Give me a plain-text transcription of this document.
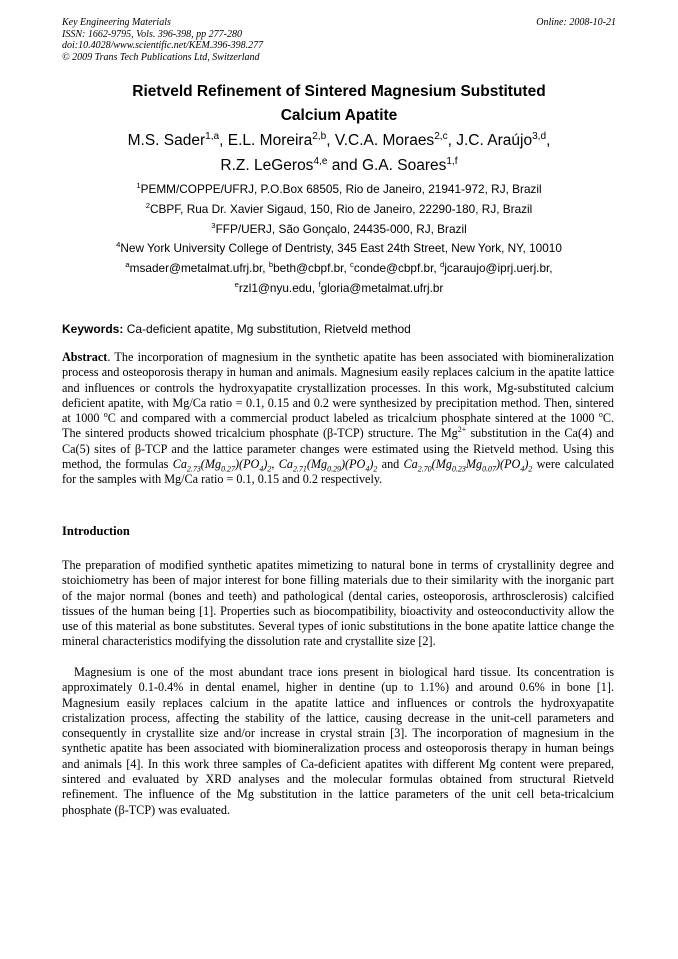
Key Engineering Materials
ISSN: 1662-9795, Vols. 396-398, pp 277-280
doi:10.4028/www.scientific.net/KEM.396-398.277
© 2009 Trans Tech Publications Ltd, Switzerland
Online: 2008-10-21
Rietveld Refinement of Sintered Magnesium Substituted
Calcium Apatite
M.S. Sader$^{1,a}$, E.L. Moreira$^{2,b}$, V.C.A. Moraes$^{2,c}$, J.C. Araújo$^{3,d}$,
R.Z. LeGeros$^{4,e}$ and G.A. Soares$^{1,f}$
$^1$PEMM/COPPE/UFRJ, P.O.Box 68505, Rio de Janeiro, 21941-972, RJ, Brazil
$^2$CBPF, Rua Dr. Xavier Sigaud, 150, Rio de Janeiro, 22290-180, RJ, Brazil
$^3$FFP/UERJ, São Gonçalo, 24435-000, RJ, Brazil
$^4$New York University College of Dentristy, 345 East 24th Street, New York, NY, 10010
$^a$msader@metalmat.ufrj.br, $^b$beth@cbpf.br, $^c$conde@cbpf.br, $^d$jcaraujo@iprj.uerj.br,
$^e$rzl1@nyu.edu, $^f$gloria@metalmat.ufrj.br
Keywords: Ca-deficient apatite, Mg substitution, Rietveld method

Abstract. The incorporation of magnesium in the synthetic apatite has been associated with biomineralization process and osteoporosis therapy in human and animals. Magnesium easily replaces calcium in the apatite lattice and influences or controls the hydroxyapatite crystallization processes. In this work, Mg-substituted calcium deficient apatite, with Mg/Ca ratio = 0.1, 0.15 and 0.2 were synthesized by precipitation method. Then, sintered at 1000 $^o$C and compared with a commercial product labeled as tricalcium phosphate sintered at the 1000 $^o$C. The sintered products showed tricalcium phosphate (β-TCP) structure. The $Mg^{2+}$ substitution in the Ca(4) and Ca(5) sites of β-TCP and the lattice parameter changes were estimated using the Rietveld method. Using this method, the formulas $Ca_{2.73}(Mg_{0.27})(PO_4)_2$, $Ca_{2.71}(Mg_{0.29})(PO_4)_2$ and $Ca_{2.70}(Mg_{0.23}Mg_{0.07})(PO_4)_2$ were calculated for the samples with Mg/Ca ratio = 0.1, 0.15 and 0.2 respectively.

Introduction

The preparation of modified synthetic apatites mimetizing to natural bone in terms of crystallinity degree and stoichiometry has been of major interest for bone filling materials due to their similarity with the inorganic part of the major normal (bones and teeth) and pathological (dental caries, osteoporosis, arthrosclerosis) calcified tissues of the human being [1]. Properties such as biocompatibility, bioactivity and osteoconductivity allow the use of this material as bone substitutes. Several types of ionic substitutions in the bone apatite lattice change the mineral characteristics modifying the dissolution rate and crystallite size [2].

Magnesium is one of the most abundant trace ions present in biological hard tissue. Its concentration is approximately 0.1-0.4% in dental enamel, higher in dentine (up to 1.1%) and around 0.6% in bone [1]. Magnesium easily replaces calcium in the apatite lattice and influences or controls the hydroxyapatite cristalization process, affecting the stability of the lattice, causing decrease in the unit-cell parameters and consequently in crystallite size and/or increase in crystal strain [3]. The incorporation of magnesium in the synthetic apatite has been associated with biomineralization process and osteoporosis therapy in human beings and animals [4]. In this work three samples of Ca-deficient apatites with different Mg content were prepared, sintered and evaluated by XRD analyses and the molecular formulas obtained from structural Rietveld refinement. The influence of the Mg substitution in the lattice parameters of the unit cell beta-tricalcium phosphate (β-TCP) was evaluated.
